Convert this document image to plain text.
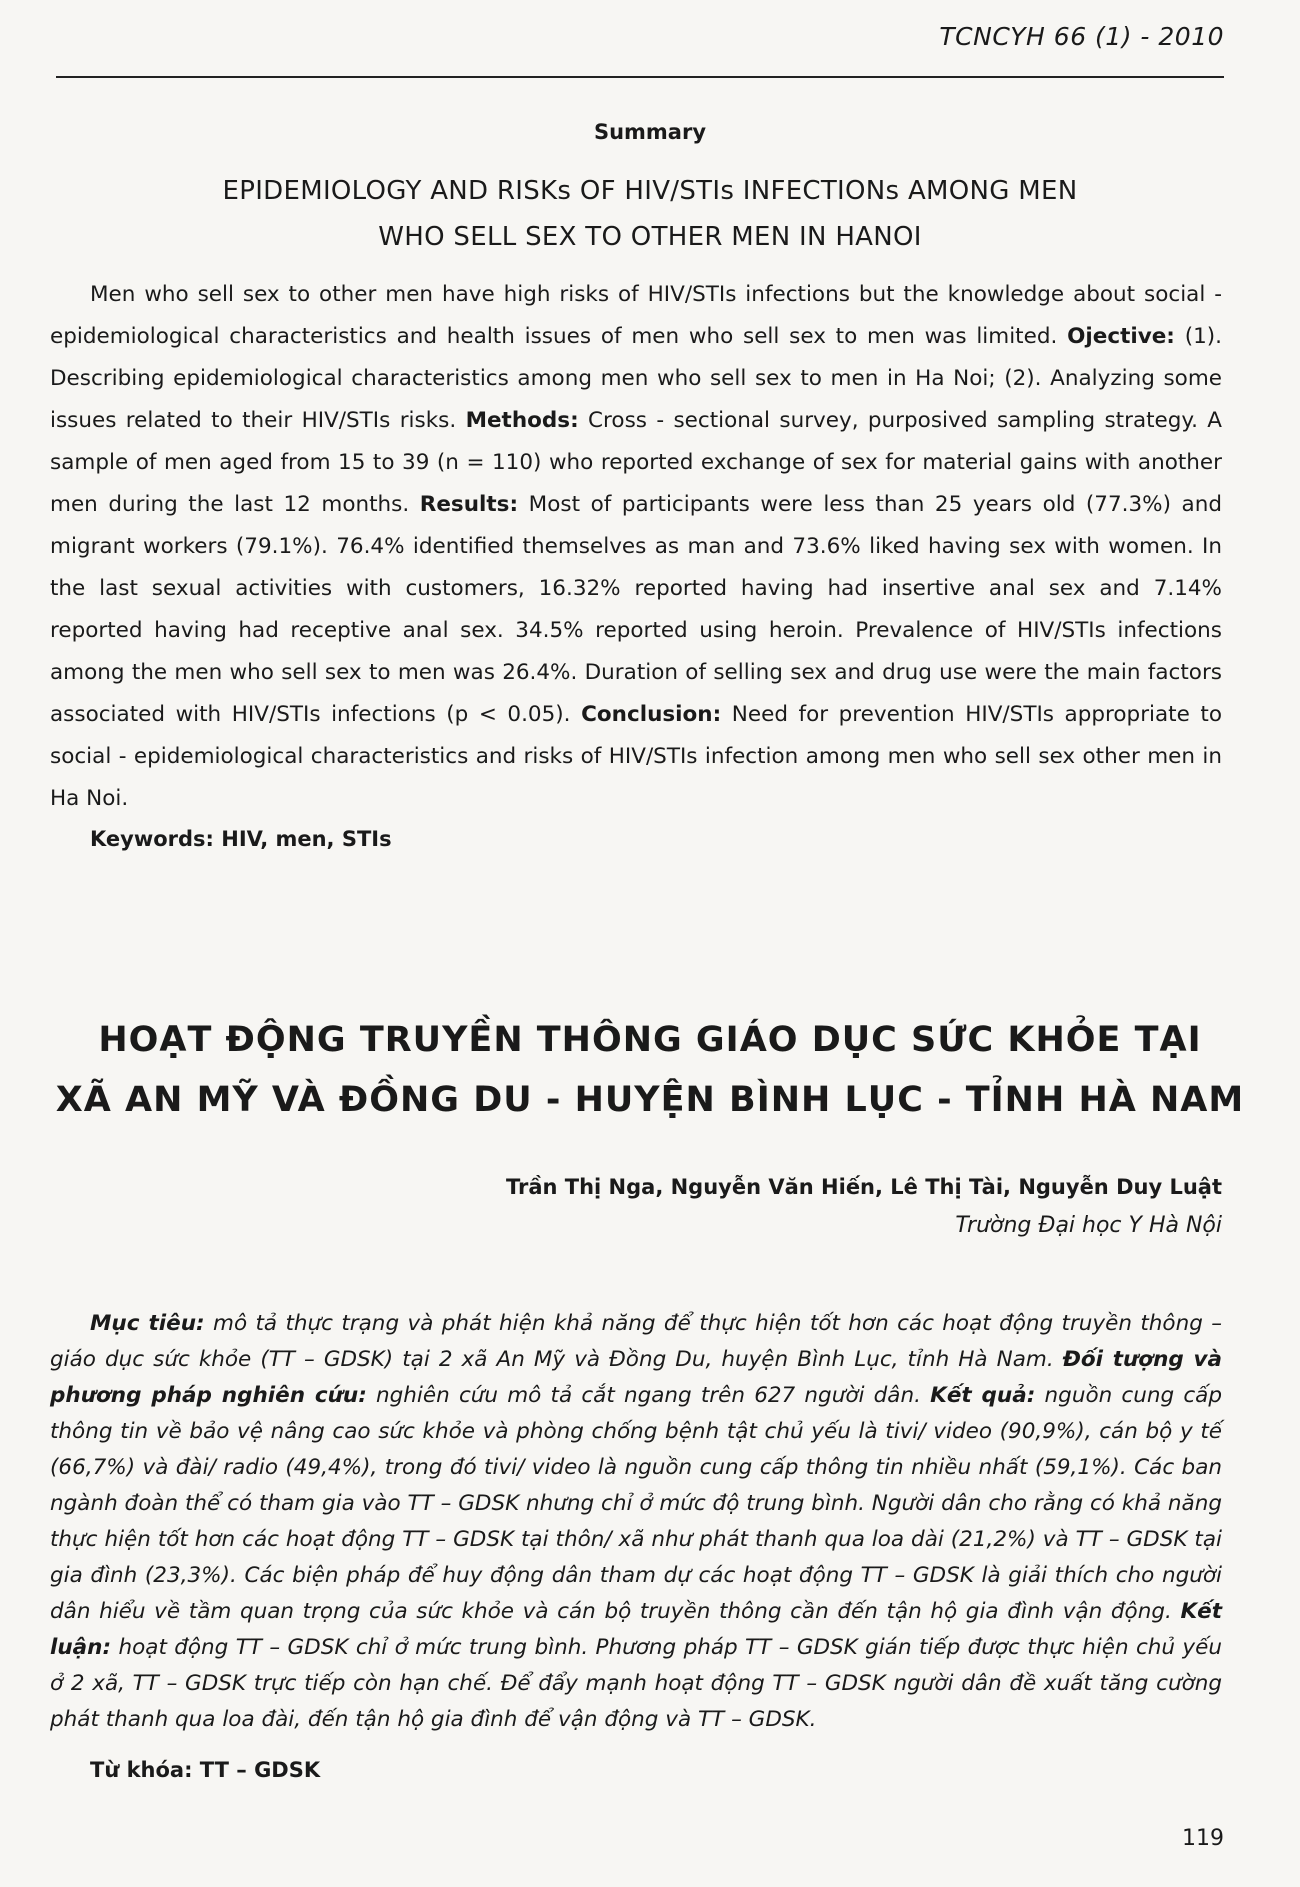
TCNCYH 66 (1) - 2010
Summary
EPIDEMIOLOGY AND RISKs OF HIV/STIs INFECTIONs AMONG MEN
WHO SELL SEX TO OTHER MEN IN HANOI

Men who sell sex to other men have high risks of HIV/STIs infections but the knowledge about social - epidemiological characteristics and health issues of men who sell sex to men was limited. Ojective: (1). Describing epidemiological characteristics among men who sell sex to men in Ha Noi; (2). Analyzing some issues related to their HIV/STIs risks. Methods: Cross - sectional survey, purposived sampling strategy. A sample of men aged from 15 to 39 (n = 110) who reported exchange of sex for material gains with another men during the last 12 months. Results: Most of participants were less than 25 years old (77.3%) and migrant workers (79.1%). 76.4% identified themselves as man and 73.6% liked having sex with women. In the last sexual activities with customers, 16.32% reported having had insertive anal sex and 7.14% reported having had receptive anal sex. 34.5% reported using heroin. Prevalence of HIV/STIs infections among the men who sell sex to men was 26.4%. Duration of selling sex and drug use were the main factors associated with HIV/STIs infections (p < 0.05). Conclusion: Need for prevention HIV/STIs appropriate to social - epidemiological characteristics and risks of HIV/STIs infection among men who sell sex other men in Ha Noi.

Keywords: HIV, men, STIs
HOẠT ĐỘNG TRUYỀN THÔNG GIÁO DỤC SỨC KHỎE TẠI
XÃ AN MỸ VÀ ĐỒNG DU - HUYỆN BÌNH LỤC - TỈNH HÀ NAM
Trần Thị Nga, Nguyễn Văn Hiến, Lê Thị Tài, Nguyễn Duy Luật
Trường Đại học Y Hà Nội

Mục tiêu: mô tả thực trạng và phát hiện khả năng để thực hiện tốt hơn các hoạt động truyền thông – giáo dục sức khỏe (TT – GDSK) tại 2 xã An Mỹ và Đồng Du, huyện Bình Lục, tỉnh Hà Nam. Đối tượng và phương pháp nghiên cứu: nghiên cứu mô tả cắt ngang trên 627 người dân. Kết quả: nguồn cung cấp thông tin về bảo vệ nâng cao sức khỏe và phòng chống bệnh tật chủ yếu là tivi/ video (90,9%), cán bộ y tế (66,7%) và đài/ radio (49,4%), trong đó tivi/ video là nguồn cung cấp thông tin nhiều nhất (59,1%). Các ban ngành đoàn thể có tham gia vào TT – GDSK nhưng chỉ ở mức độ trung bình. Người dân cho rằng có khả năng thực hiện tốt hơn các hoạt động TT – GDSK tại thôn/ xã như phát thanh qua loa dài (21,2%) và TT – GDSK tại gia đình (23,3%). Các biện pháp để huy động dân tham dự các hoạt động TT – GDSK là giải thích cho người dân hiểu về tầm quan trọng của sức khỏe và cán bộ truyền thông cần đến tận hộ gia đình vận động. Kết luận: hoạt động TT – GDSK chỉ ở mức trung bình. Phương pháp TT – GDSK gián tiếp được thực hiện chủ yếu ở 2 xã, TT – GDSK trực tiếp còn hạn chế. Để đẩy mạnh hoạt động TT – GDSK người dân đề xuất tăng cường phát thanh qua loa đài, đến tận hộ gia đình để vận động và TT – GDSK.

Từ khóa: TT – GDSK
119
